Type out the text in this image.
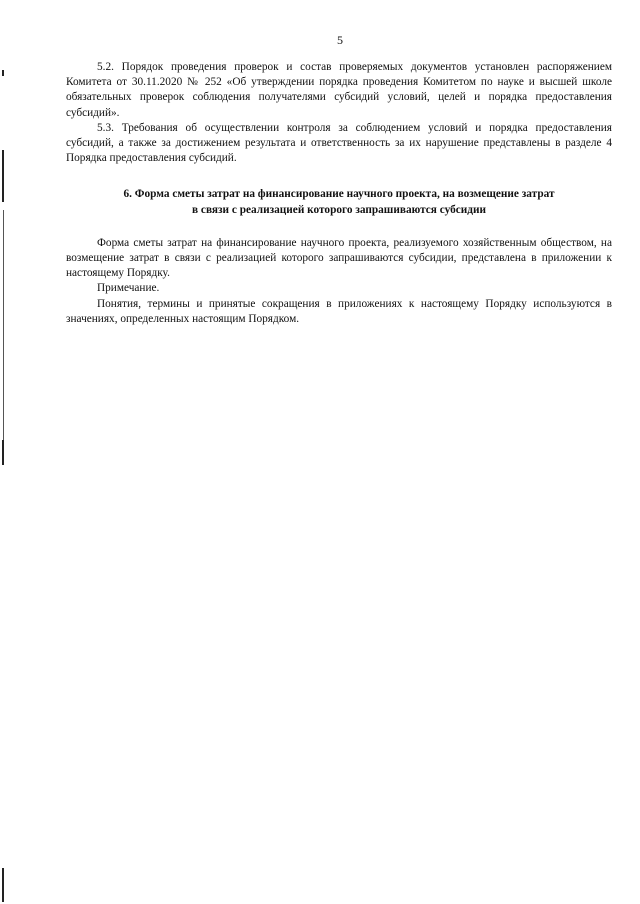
5

5.2. Порядок проведения проверок и состав проверяемых документов установлен распоряжением Комитета от 30.11.2020 № 252 «Об утверждении порядка проведения Комитетом по науке и высшей школе обязательных проверок соблюдения получателями субсидий условий, целей и порядка предоставления субсидий».

5.3. Требования об осуществлении контроля за соблюдением условий и порядка предоставления субсидий, а также за достижением результата и ответственность за их нарушение представлены в разделе 4 Порядка предоставления субсидий.

6. Форма сметы затрат на финансирование научного проекта, на возмещение затрат
в связи с реализацией которого запрашиваются субсидии

Форма сметы затрат на финансирование научного проекта, реализуемого хозяйственным обществом, на возмещение затрат в связи с реализацией которого запрашиваются субсидии, представлена в приложении к настоящему Порядку.

Примечание.

Понятия, термины и принятые сокращения в приложениях к настоящему Порядку используются в значениях, определенных настоящим Порядком.
